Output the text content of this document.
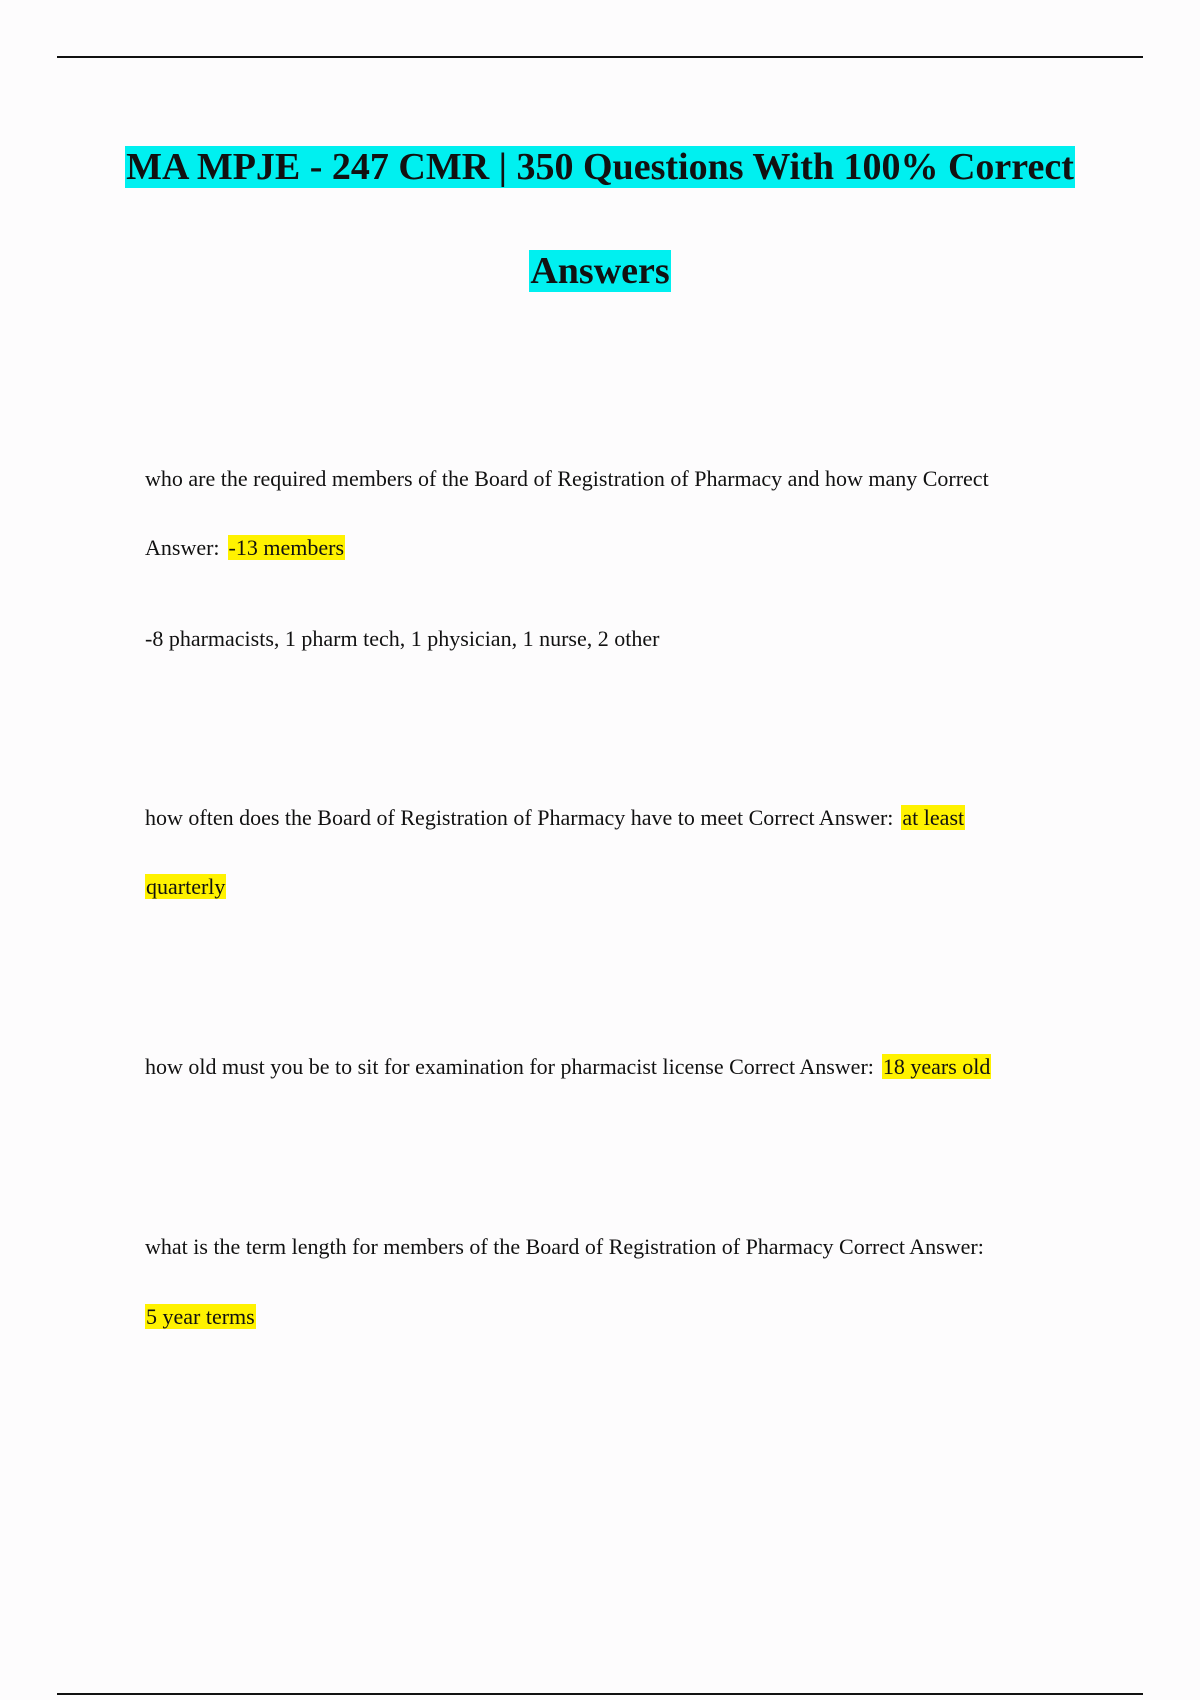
MA MPJE - 247 CMR | 350 Questions With 100% Correct
Answers
who are the required members of the Board of Registration of Pharmacy and how many Correct
Answer: -13 members
-8 pharmacists, 1 pharm tech, 1 physician, 1 nurse, 2 other
how often does the Board of Registration of Pharmacy have to meet Correct Answer: at least
quarterly
how old must you be to sit for examination for pharmacist license Correct Answer: 18 years old
what is the term length for members of the Board of Registration of Pharmacy Correct Answer:
5 year terms
